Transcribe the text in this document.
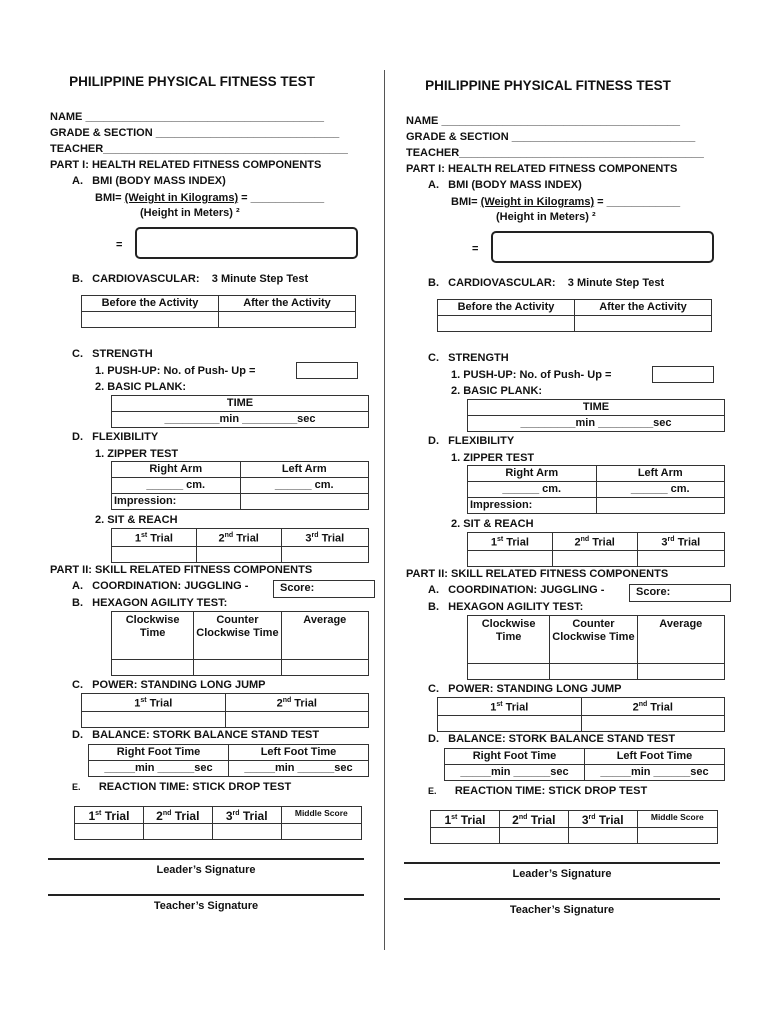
PHILIPPINE PHYSICAL FITNESS TEST
NAME _______________________________________
GRADE & SECTION ______________________________
TEACHER________________________________________
PART I: HEALTH RELATED FITNESS COMPONENTS
A. BMI (BODY MASS INDEX)
BMI= (Weight in Kilograms) = ____________
(Height in Meters) ²
=
B. CARDIOVASCULAR: 3 Minute Step Test
Before the Activity	After the Activity

C. STRENGTH
1. PUSH-UP: No. of Push- Up =
2. BASIC PLANK:
TIME
_________min _________sec
D. FLEXIBILITY
1. ZIPPER TEST
Right Arm	Left Arm
______ cm.	______ cm.
Impression:	
2. SIT & REACH
1st Trial	2nd Trial	3rd Trial

PART II: SKILL RELATED FITNESS COMPONENTS
A. COORDINATION: JUGGLING -	Score:
B. HEXAGON AGILITY TEST:
Clockwise Time	Counter Clockwise Time	Average

C. POWER: STANDING LONG JUMP
1st Trial	2nd Trial

D. BALANCE: STORK BALANCE STAND TEST
Right Foot Time	Left Foot Time
_____min ______sec	_____min ______sec
E. REACTION TIME: STICK DROP TEST
1st Trial	2nd Trial	3rd Trial	Middle Score

Leader’s Signature
Teacher’s Signature
PHILIPPINE PHYSICAL FITNESS TEST
NAME _______________________________________
GRADE & SECTION ______________________________
TEACHER________________________________________
PART I: HEALTH RELATED FITNESS COMPONENTS
A. BMI (BODY MASS INDEX)
BMI= (Weight in Kilograms) = ____________
(Height in Meters) ²
=
B. CARDIOVASCULAR: 3 Minute Step Test
Before the Activity	After the Activity

C. STRENGTH
1. PUSH-UP: No. of Push- Up =
2. BASIC PLANK:
TIME
_________min _________sec
D. FLEXIBILITY
1. ZIPPER TEST
Right Arm	Left Arm
______ cm.	______ cm.
Impression:	
2. SIT & REACH
1st Trial	2nd Trial	3rd Trial

PART II: SKILL RELATED FITNESS COMPONENTS
A. COORDINATION: JUGGLING -	Score:
B. HEXAGON AGILITY TEST:
Clockwise Time	Counter Clockwise Time	Average

C. POWER: STANDING LONG JUMP
1st Trial	2nd Trial

D. BALANCE: STORK BALANCE STAND TEST
Right Foot Time	Left Foot Time
_____min ______sec	_____min ______sec
E. REACTION TIME: STICK DROP TEST
1st Trial	2nd Trial	3rd Trial	Middle Score

Leader’s Signature
Teacher’s Signature
